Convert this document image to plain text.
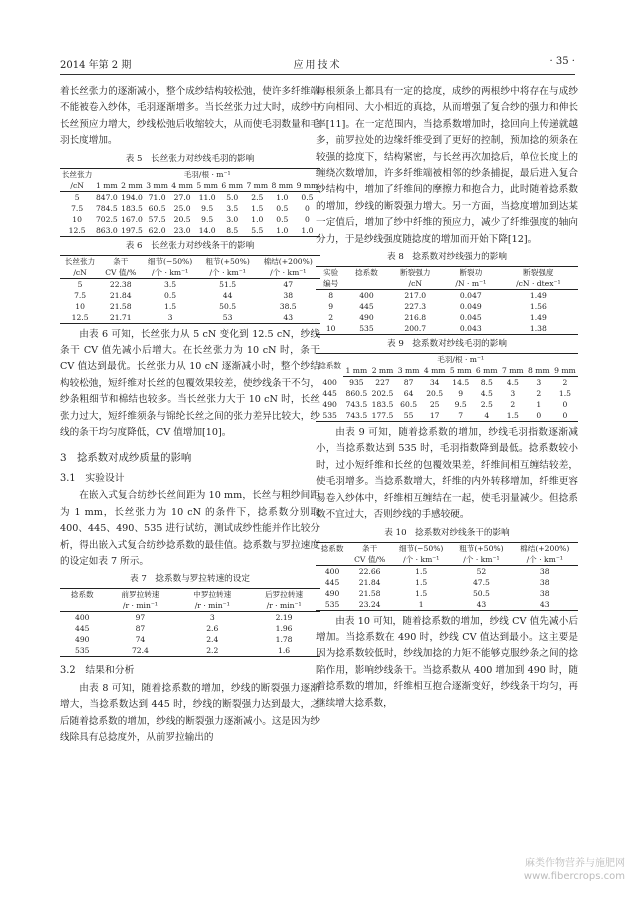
2014 年第 2 期	应用技术	· 35 ·

着长丝张力的逐渐减小，整个成纱结构较松弛，使许多纤维端不能被卷入纱体，毛羽逐渐增多。当长丝张力过大时，成纱中长丝预应力增大，纱线松弛后收缩较大，从而使毛羽数量和毛羽长度增加。

表 5　长丝张力对纱线毛羽的影响
长丝张力	毛羽/根 · m⁻¹								
/cN	1 mm	2 mm	3 mm	4 mm	5 mm	6 mm	7 mm	8 mm	9 mm
5	847.0	194.0	71.0	27.0	11.0	5.0	2.5	1.0	0.5
7.5	784.5	183.5	60.5	25.0	9.5	3.5	1.5	0.5	0
10	702.5	167.0	57.5	20.5	9.5	3.0	1.0	0.5	0
12.5	863.0	197.5	62.0	23.0	14.0	8.5	5.5	1.0	1.0
表 6　长丝张力对纱线条干的影响
长丝张力	条干	细节(−50%)	粗节(+50%)	棉结(+200%)
/cN	CV 值/%	/个 · km⁻¹	/个 · km⁻¹	/个 · km⁻¹
5	22.38	3.5	51.5	47
7.5	21.84	0.5	44	38
10	21.58	1.5	50.5	38.5
12.5	21.71	3	53	43

由表 6 可知，长丝张力从 5 cN 变化到 12.5 cN，纱线条干 CV 值先减小后增大。在长丝张力为 10 cN 时，条干 CV 值达到最优。长丝张力从 10 cN 逐渐减小时，整个纱结构较松弛，短纤维对长丝的包覆效果较差，使纱线条干不匀，纱条粗细节和棉结也较多。当长丝张力大于 10 cN 时，长丝张力过大，短纤维须条与锦纶长丝之间的张力差异比较大，纱线的条干均匀度降低，CV 值增加[10]。

3　捻系数对成纱质量的影响
3.1　实验设计

在嵌入式复合纺纱长丝间距为 10 mm，长丝与粗纱间距为 1 mm，长丝张力为 10 cN 的条件下，捻系数分别取 400、445、490、535 进行试纺，测试成纱性能并作比较分析，得出嵌入式复合纺纱捻系数的最佳值。捻系数与罗拉速度的设定如表 7 所示。

表 7　捻系数与罗拉转速的设定
捻系数	前罗拉转速	中罗拉转速	后罗拉转速
	/r · min⁻¹	/r · min⁻¹	/r · min⁻¹
400	97	3	2.19
445	87	2.6	1.96
490	74	2.4	1.78
535	72.4	2.2	1.6
3.2　结果和分析

由表 8 可知，随着捻系数的增加，纱线的断裂强力逐渐增大，当捻系数达到 445 时，纱线的断裂强力达到最大，之后随着捻系数的增加，纱线的断裂强力逐渐减小。这是因为纱线除具有总捻度外，从前罗拉输出的

每根须条上都具有一定的捻度，成纱的两根纱中将存在与成纱方向相同、大小相近的真捻，从而增强了复合纱的强力和伸长率[11]。在一定范围内，当捻系数增加时，捻回向上传递就越多，前罗拉处的边缘纤维受到了更好的控制，预加捻的须条在较强的捻度下，结构紧密，与长丝再次加捻后，单位长度上的缠绕次数增加，许多纤维端被相邻的纱条捕捉，最后进入复合纱结构中，增加了纤维间的摩擦力和抱合力，此时随着捻系数的增加，纱线的断裂强力增大。另一方面，当捻度增加到达某一定值后，增加了纱中纤维的预应力，减少了纤维强度的轴向分力，于是纱线强度随捻度的增加而开始下降[12]。

表 8　捻系数对纱线强力的影响
实验	捻系数	断裂强力	断裂功	断裂强度
编号		/cN	/N · m⁻¹	/cN · dtex⁻¹
8	400	217.0	0.047	1.49
9	445	227.3	0.049	1.56
2	490	216.8	0.045	1.49
10	535	200.7	0.043	1.38
表 9　捻系数对纱线毛羽的影响
捻系数	毛羽/根 · m⁻¹								
	1 mm	2 mm	3 mm	4 mm	5 mm	6 mm	7 mm	8 mm	9 mm
400	935	227	87	34	14.5	8.5	4.5	3	2
445	860.5	202.5	64	20.5	9	4.5	3	2	1.5
490	743.5	183.5	60.5	25	9.5	2.5	2	1	0
535	743.5	177.5	55	17	7	4	1.5	0	0

由表 9 可知，随着捻系数的增加，纱线毛羽指数逐渐减小，当捻系数达到 535 时，毛羽指数降到最低。捻系数较小时，过小短纤维和长丝的包覆效果差，纤维间相互缠结较差，使毛羽增多。当捻系数增大，纤维的内外转移增加，纤维更容易卷入纱体中，纤维相互缠结在一起，使毛羽量减少。但捻系数不宜过大，否则纱线的手感较硬。

表 10　捻系数对纱线条干的影响
捻系数	条干	细节(−50%)	粗节(+50%)	棉结(+200%)
	CV 值/%	/个 · km⁻¹	/个 · km⁻¹	/个 · km⁻¹
400	22.66	1.5	52	38
445	21.84	1.5	47.5	38
490	21.58	1.5	50.5	38
535	23.24	1	43	43

由表 10 可知，随着捻系数的增加，纱线 CV 值先减小后增加。当捻系数在 490 时，纱线 CV 值达到最小。这主要是因为捻系数较低时，纱线加捻的力矩不能够克服纱条之间的捻陷作用，影响纱线条干。当捻系数从 400 增加到 490 时，随着捻系数的增加，纤维相互抱合逐渐变好，纱线条干均匀，再继续增大捻系数，

麻类作物营养与施肥网
www.fibercrops.com
